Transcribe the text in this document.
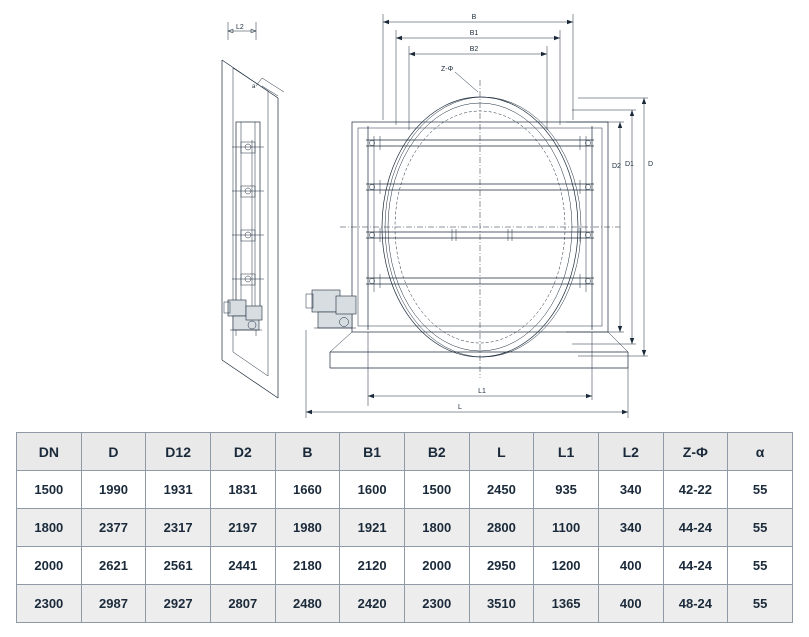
L2
a
B
B1
B2
Z-Φ
D
D1
D2
L1
L
DN	D	D12	D2	B	B1	B2	L	L1	L2	Z-Ф	α
1500	1990	1931	1831	1660	1600	1500	2450	935	340	42-22	55
1800	2377	2317	2197	1980	1921	1800	2800	1100	340	44-24	55
2000	2621	2561	2441	2180	2120	2000	2950	1200	400	44-24	55
2300	2987	2927	2807	2480	2420	2300	3510	1365	400	48-24	55
